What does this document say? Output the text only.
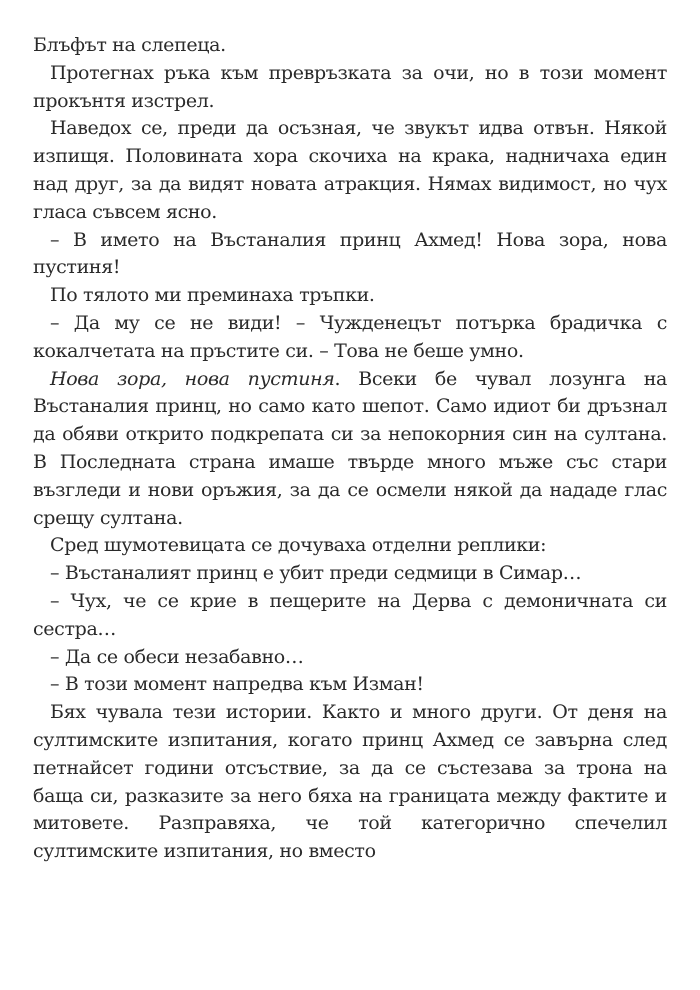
Блъфът на слепеца.

Протегнах ръка към превръзката за очи, но в този момент прокънтя изстрел.

Наведох се, преди да осъзная, че звукът идва отвън. Някой изпищя. Половината хора скочиха на крака, надничаха един над друг, за да видят новата атракция. Нямах видимост, но чух гласа съвсем ясно.

– В името на Въстаналия принц Ахмед! Нова зора, нова пустиня!

По тялото ми преминаха тръпки.

– Да му се не види! – Чужденецът потърка брадичка с кокалчетата на пръстите си. – Това не беше умно.

Нова зора, нова пустиня. Всеки бе чувал лозунга на Въстаналия принц, но само като шепот. Само идиот би дръзнал да обяви открито подкрепата си за непокорния син на султана. В Последната страна имаше твърде много мъже със стари възгледи и нови оръжия, за да се осмели някой да нададе глас срещу султана.

Сред шумотевицата се дочуваха отделни реплики:

– Въстаналият принц е убит преди седмици в Симар…

– Чух, че се крие в пещерите на Дерва с демоничната си сестра…

– Да се обеси незабавно…

– В този момент напредва към Изман!

Бях чувала тези истории. Както и много други. От деня на султимските изпитания, когато принц Ахмед се завърна след петнайсет години отсъствие, за да се състезава за трона на баща си, разказите за него бяха на границата между фактите и митовете. Разправяха, че той категорично спечелил султимските изпитания, но вместо
